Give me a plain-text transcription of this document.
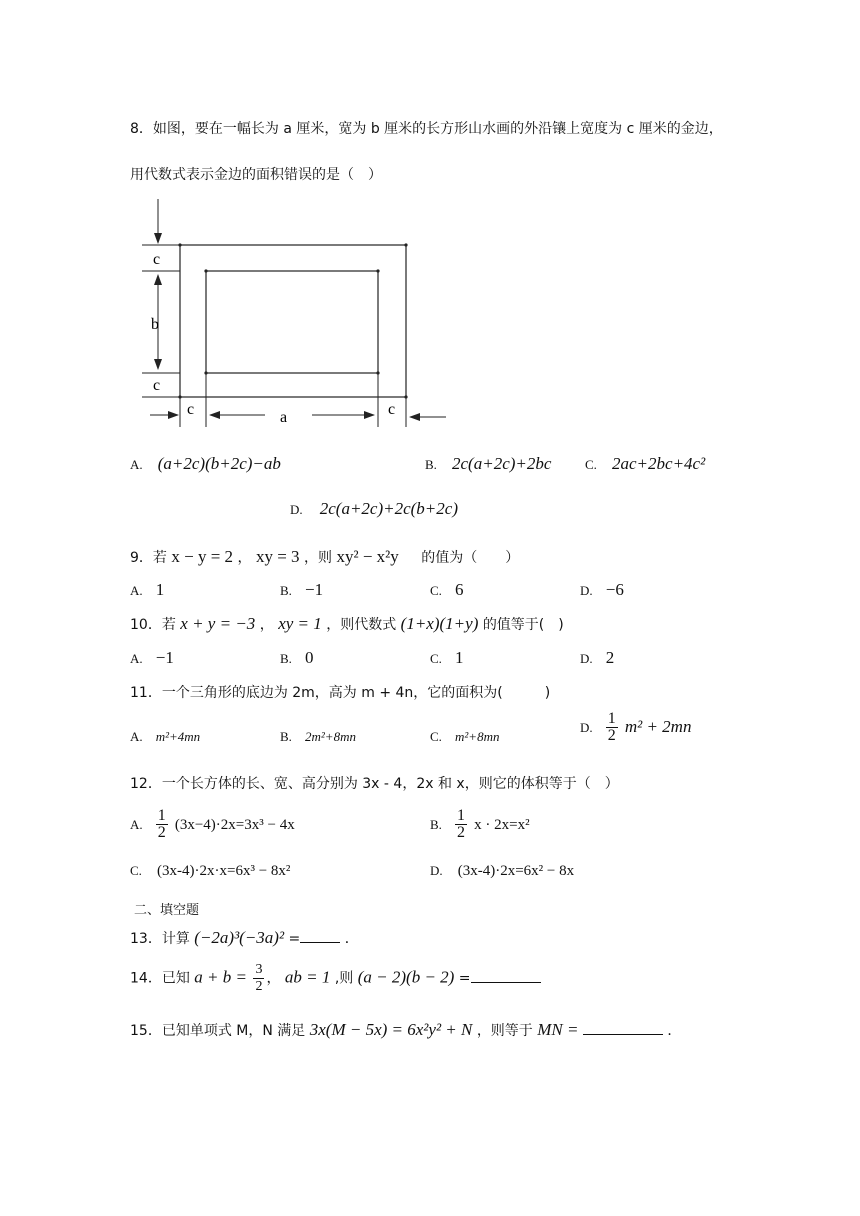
8．如图，要在一幅长为 a 厘米，宽为 b 厘米的长方形山水画的外沿镶上宽度为 c 厘米的金边，
用代数式表示金边的面积错误的是（　）
c
b
c
c	a	c
A. (a+2c)(b+2c)−ab	B. 2c(a+2c)+2bc	C. 2ac+2bc+4c²
D. 2c(a+2c)+2c(b+2c)
9．若 x − y = 2 ， xy = 3 ，则 xy² − x²y 的值为（　　）
A. 1	B. −1	C. 6	D. −6
10．若 x + y = −3 ， xy = 1 ，则代数式 (1+x)(1+y) 的值等于(　)
A. −1	B. 0	C. 1	D. 2
11．一个三角形的底边为 2m，高为 m + 4n，它的面积为(　　　)
A. m²+4mn	B. 2m²+8mn	C. m²+8mn
D. $\frac{1}{2} m^2 + 2mn$
12．一个长方体的长、宽、高分别为 3x - 4，2x 和 x，则它的体积等于（　）
A. $\frac{1}{2} (3x-4)\cdot 2x=3x^3 - 4x$	B. $\frac{1}{2}$ x · 2x=x²
C. (3x-4)·2x·x=6x³ − 8x²	D. (3x-4)·2x=6x² − 8x
二、填空题
13．计算 (−2a)³(−3a)² =	．
14．已知 $a + b = \frac{3}{2}$ ， ab = 1 ,则 (a − 2)(b − 2) =
15．已知单项式 M，N 满足 3x(M − 5x) = 6x²y² + N ，则等于 MN =	．
